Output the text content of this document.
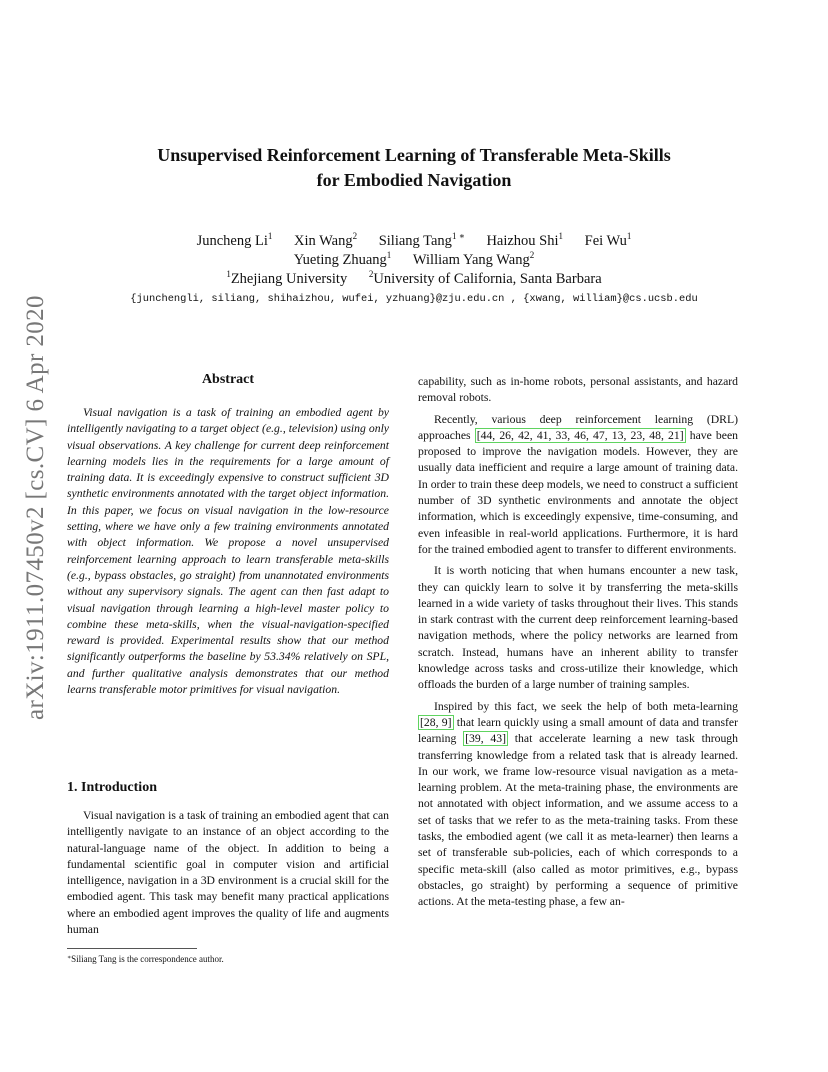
arXiv:1911.07450v2 [cs.CV] 6 Apr 2020
Unsupervised Reinforcement Learning of Transferable Meta-Skills
for Embodied Navigation
Juncheng Li$^1$ Xin Wang$^2$ Siliang Tang$^{1 ∗}$ Haizhou Shi$^1$ Fei Wu$^1$
Yueting Zhuang$^1$ William Yang Wang$^2$
$^1$Zhejiang University $^2$University of California, Santa Barbara
{junchengli, siliang, shihaizhou, wufei, yzhuang}@zju.edu.cn , {xwang, william}@cs.ucsb.edu
Abstract
Visual navigation is a task of training an embodied agent by intelligently navigating to a target object (e.g., television) using only visual observations. A key challenge for current deep reinforcement learning models lies in the requirements for a large amount of training data. It is exceedingly expensive to construct sufficient 3D synthetic environments annotated with the target object information. In this paper, we focus on visual navigation in the low-resource setting, where we have only a few training environments annotated with object information. We propose a novel unsupervised reinforcement learning approach to learn transferable meta-skills (e.g., bypass obstacles, go straight) from unannotated environments without any supervisory signals. The agent can then fast adapt to visual navigation through learning a high-level master policy to combine these meta-skills, when the visual-navigation-specified reward is provided. Experimental results show that our method significantly outperforms the baseline by 53.34% relatively on SPL, and further qualitative analysis demonstrates that our method learns transferable motor primitives for visual navigation.
1. Introduction
Visual navigation is a task of training an embodied agent that can intelligently navigate to an instance of an object according to the natural-language name of the object. In addition to being a fundamental scientific goal in computer vision and artificial intelligence, navigation in a 3D environment is a crucial skill for the embodied agent. This task may benefit many practical applications where an embodied agent improves the quality of life and augments human

capability, such as in-home robots, personal assistants, and hazard removal robots.

Recently, various deep reinforcement learning (DRL) approaches [44, 26, 42, 41, 33, 46, 47, 13, 23, 48, 21] have been proposed to improve the navigation models. However, they are usually data inefficient and require a large amount of training data. In order to train these deep models, we need to construct a sufficient number of 3D synthetic environments and annotate the object information, which is exceedingly expensive, time-consuming, and even infeasible in real-world applications. Furthermore, it is hard for the trained embodied agent to transfer to different environments.

It is worth noticing that when humans encounter a new task, they can quickly learn to solve it by transferring the meta-skills learned in a wide variety of tasks throughout their lives. This stands in stark contrast with the current deep reinforcement learning-based navigation methods, where the policy networks are learned from scratch. Instead, humans have an inherent ability to transfer knowledge across tasks and cross-utilize their knowledge, which offloads the burden of a large number of training samples.

Inspired by this fact, we seek the help of both meta-learning [28, 9] that learn quickly using a small amount of data and transfer learning [39, 43] that accelerate learning a new task through transferring knowledge from a related task that is already learned. In our work, we frame low-resource visual navigation as a meta-learning problem. At the meta-training phase, the environments are not annotated with object information, and we assume access to a set of tasks that we refer to as the meta-training tasks. From these tasks, the embodied agent (we call it as meta-learner) then learns a set of transferable sub-policies, each of which corresponds to a specific meta-skill (also called as motor primitives, e.g., bypass obstacles, go straight) by performing a sequence of primitive actions. At the meta-testing phase, a few an-

∗Siliang Tang is the correspondence author.
